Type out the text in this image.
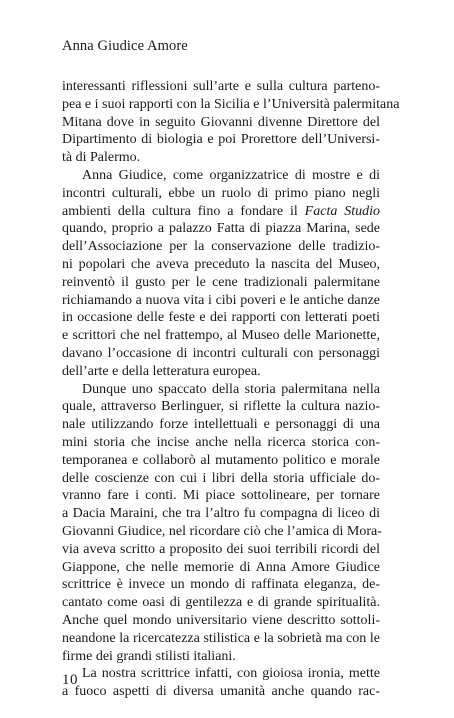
Anna Giudice Amore
interessanti riflessioni sull’arte e sulla cultura parteno-
pea e i suoi rapporti con la Sicilia e l’Università palermitana
Mitana dove in seguito Giovanni divenne Direttore del
Dipartimento di biologia e poi Prorettore dell’Universi-
tà di Palermo.
Anna Giudice, come organizzatrice di mostre e di
incontri culturali, ebbe un ruolo di primo piano negli
ambienti della cultura fino a fondare il Facta Studio
quando, proprio a palazzo Fatta di piazza Marina, sede
dell’Associazione per la conservazione delle tradizio-
ni popolari che aveva preceduto la nascita del Museo,
reinventò il gusto per le cene tradizionali palermitane
richiamando a nuova vita i cibi poveri e le antiche danze
in occasione delle feste e dei rapporti con letterati poeti
e scrittori che nel frattempo, al Museo delle Marionette,
davano l’occasione di incontri culturali con personaggi
dell’arte e della letteratura europea.
Dunque uno spaccato della storia palermitana nella
quale, attraverso Berlinguer, si riflette la cultura nazio-
nale utilizzando forze intellettuali e personaggi di una
mini storia che incise anche nella ricerca storica con-
temporanea e collaborò al mutamento politico e morale
delle coscienze con cui i libri della storia ufficiale do-
vranno fare i conti. Mi piace sottolineare, per tornare
a Dacia Maraini, che tra l’altro fu compagna di liceo di
Giovanni Giudice, nel ricordare ciò che l’amica di Mora-
via aveva scritto a proposito dei suoi terribili ricordi del
Giappone, che nelle memorie di Anna Amore Giudice
scrittrice è invece un mondo di raffinata eleganza, de-
cantato come oasi di gentilezza e di grande spiritualità.
Anche quel mondo universitario viene descritto sottoli-
neandone la ricercatezza stilistica e la sobrietà ma con le
firme dei grandi stilisti italiani.
La nostra scrittrice infatti, con gioiosa ironia, mette
a fuoco aspetti di diversa umanità anche quando rac-
10
